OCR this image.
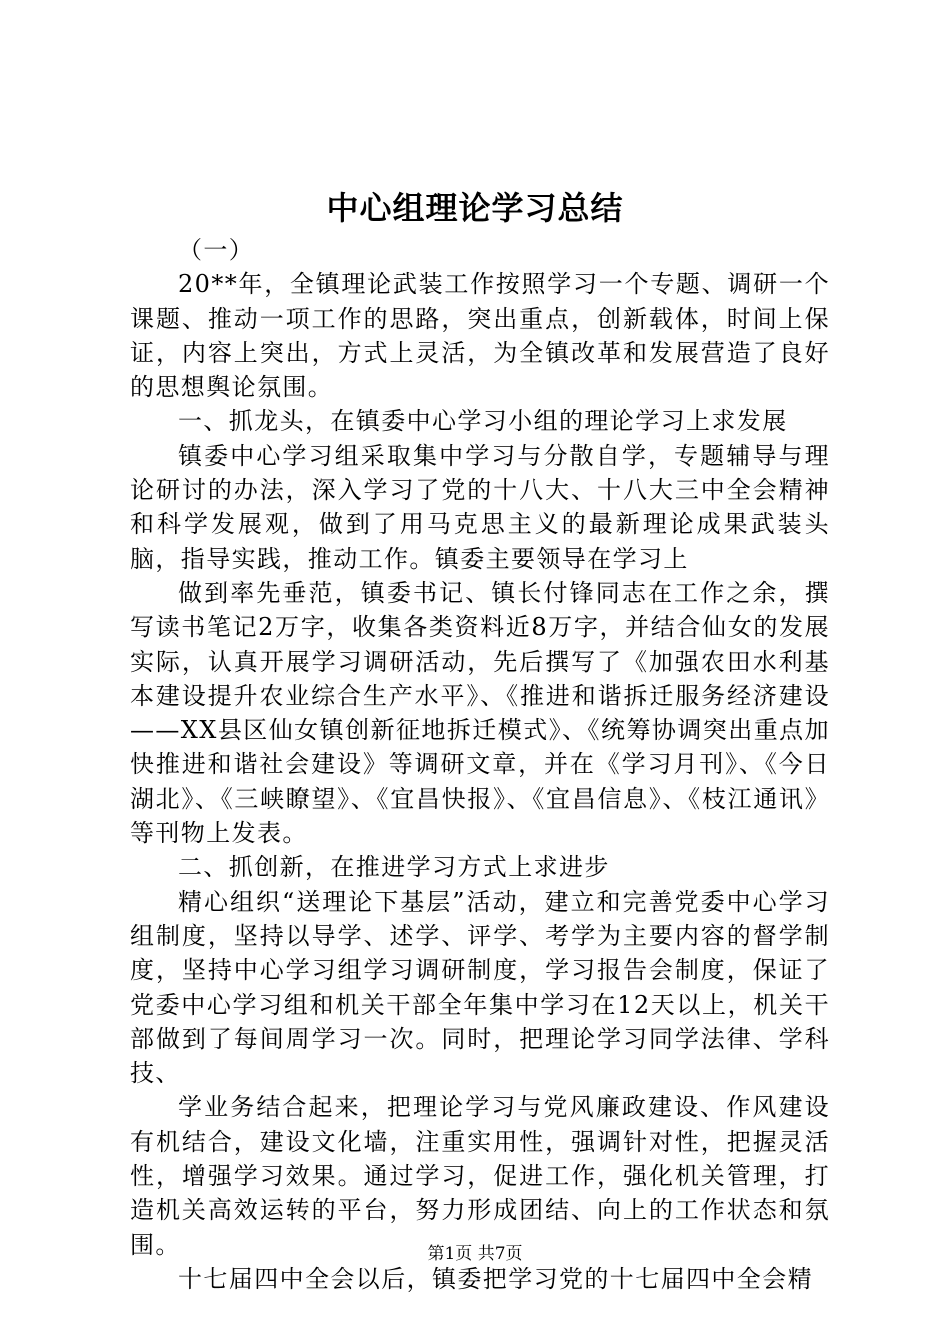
中心组理论学习总结

（一）

20**年，全镇理论武装工作按照学习一个专题、调研一个课题、推动一项工作的思路，突出重点，创新载体，时间上保证，内容上突出，方式上灵活，为全镇改革和发展营造了良好的思想舆论氛围。

一、抓龙头，在镇委中心学习小组的理论学习上求发展

镇委中心学习组采取集中学习与分散自学，专题辅导与理论研讨的办法，深入学习了党的十八大、十八大三中全会精神和科学发展观，做到了用马克思主义的最新理论成果武装头脑，指导实践，推动工作。镇委主要领导在学习上

做到率先垂范，镇委书记、镇长付锋同志在工作之余，撰写读书笔记2万字，收集各类资料近8万字，并结合仙女的发展实际，认真开展学习调研活动，先后撰写了《加强农田水利基本建设提升农业综合生产水平》、《推进和谐拆迁服务经济建设——XX县区仙女镇创新征地拆迁模式》、《统筹协调突出重点加快推进和谐社会建设》等调研文章，并在《学习月刊》、《今日湖北》、《三峡瞭望》、《宜昌快报》、《宜昌信息》、《枝江通讯》等刊物上发表。

二、抓创新，在推进学习方式上求进步

精心组织“送理论下基层”活动，建立和完善党委中心学习组制度，坚持以导学、述学、评学、考学为主要内容的督学制度，坚持中心学习组学习调研制度，学习报告会制度，保证了党委中心学习组和机关干部全年集中学习在12天以上，机关干部做到了每间周学习一次。同时，把理论学习同学法律、学科技、

学业务结合起来，把理论学习与党风廉政建设、作风建设有机结合，建设文化墙，注重实用性，强调针对性，把握灵活性，增强学习效果。通过学习，促进工作，强化机关管理，打造机关高效运转的平台，努力形成团结、向上的工作状态和氛围。

十七届四中全会以后，镇委把学习党的十七届四中全会精

第1页 共7页
